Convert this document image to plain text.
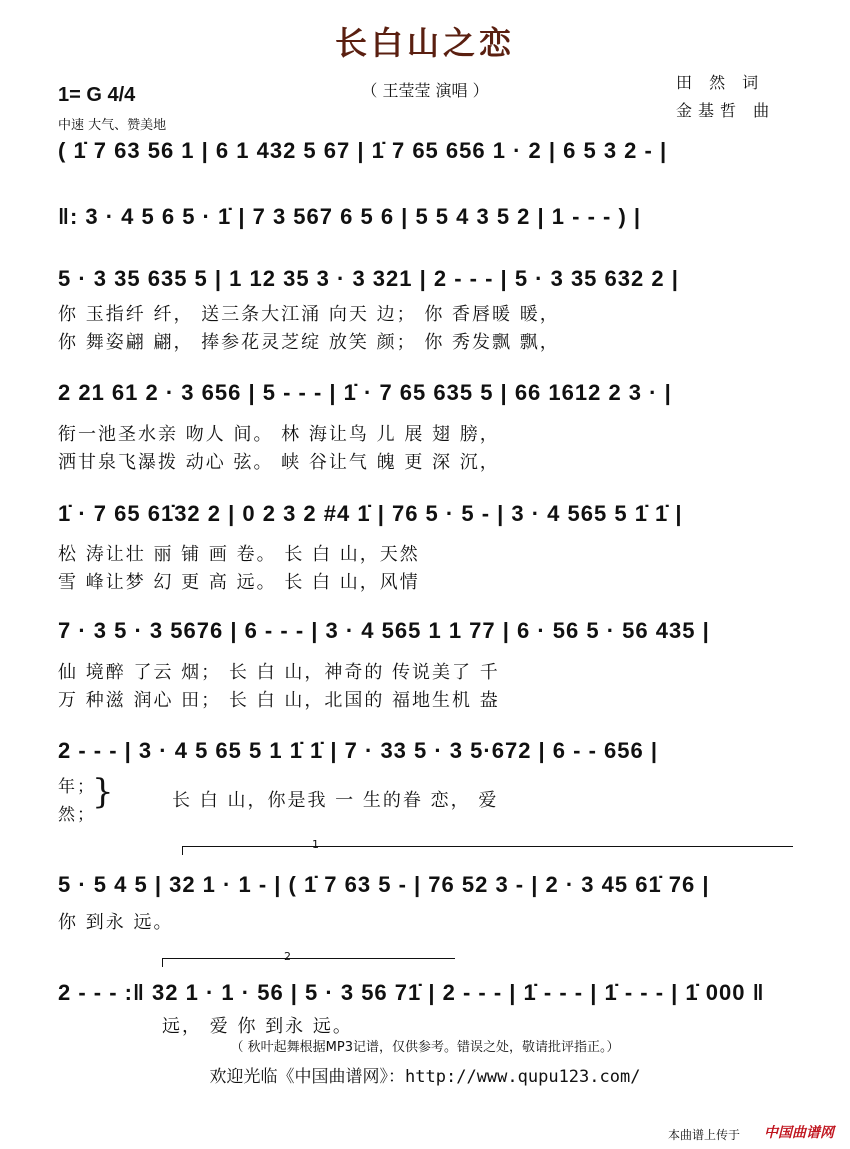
长白山之恋
（ 王莹莹 演唱 ）	田 然 词
金基哲 曲
1= G 4/4
中速 大气、赞美地
( 1̇ 7 63 56 1 | 6 1 432 5 67 | 1̇ 7 65 656 1 · 2 | 6 5 3 2 - |
‖: 3 · 4 5 6 5 · 1̇ | 7 3 567 6 5 6 | 5 5 4 3 5 2 | 1 - - - ) |
5 · 3 35 635 5 | 1 12 35 3 · 3 321 | 2 - - - | 5 · 3 35 632 2 |
你 玉指纤 纤， 送三条大江涌 向天 边； 你 香唇暖 暖，
你 舞姿翩 翩， 捧参花灵芝绽 放笑 颜； 你 秀发飘 飘，
2 21 61 2 · 3 656 | 5 - - - | 1̇ · 7 65 635 5 | 66 1612 2 3 · |
衔一池圣水亲 吻人 间。 林 海让鸟 儿 展 翅 膀，
洒甘泉飞瀑拨 动心 弦。 峡 谷让气 魄 更 深 沉，
1̇ · 7 65 61̇32 2 | 0 2 3 2 #4 1̇ | 76 5 · 5 - | 3 · 4 565 5 1̇ 1̇ |
松 涛让壮 丽 铺 画 卷。 长 白 山，天然
雪 峰让梦 幻 更 高 远。 长 白 山，风情
7 · 3 5 · 3 5676 | 6 - - - | 3 · 4 565 1 1 77 | 6 · 56 5 · 56 435 |
仙 境醉 了云 烟； 长 白 山，神奇的 传说美了 千
万 种滋 润心 田； 长 白 山，北国的 福地生机 盎
2 - - - | 3 · 4 5 65 5 1 1̇ 1̇ | 7 · 33 5 · 3 5·672 | 6 - - 656 |
年；
然；
}	长 白 山，你是我 一 生的眷 恋， 爱
1
5 · 5 4 5 | 32 1 · 1 - | ( 1̇ 7 63 5 - | 76 52 3 - | 2 · 3 45 61̇ 76 |
你 到永 远。
2
2 - - - :‖ 32 1 · 1 · 56 | 5 · 3 56 71̇ | 2 - - - | 1̇ - - - | 1̇ - - - | 1̇ 000 ‖
远， 爱 你 到永 远。
（ 秋叶起舞根据MP3记谱，仅供参考。错误之处，敬请批评指正。）
欢迎光临《中国曲谱网》：http://www.qupu123.com/
本曲谱上传于 中国曲谱网
